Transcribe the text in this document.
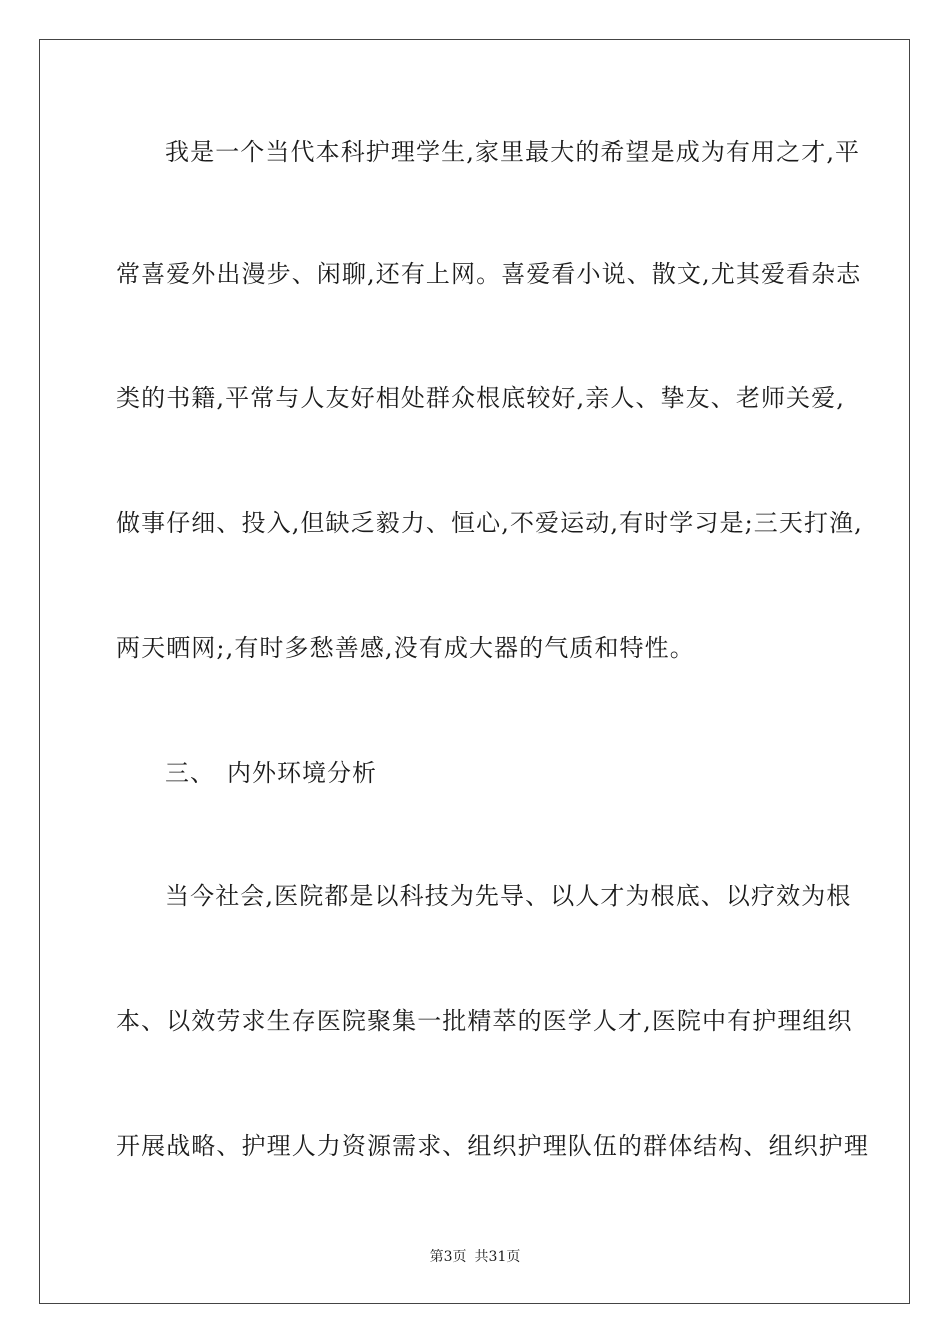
我是一个当代本科护理学生,家里最大的希望是成为有用之才,平
常喜爱外出漫步、闲聊,还有上网。喜爱看小说、散文,尤其爱看杂志
类的书籍,平常与人友好相处群众根底较好,亲人、挚友、老师关爱,
做事仔细、投入,但缺乏毅力、恒心,不爱运动,有时学习是;三天打渔,
两天晒网;,有时多愁善感,没有成大器的气质和特性。
三、 内外环境分析
当今社会,医院都是以科技为先导、以人才为根底、以疗效为根
本、以效劳求生存医院聚集一批精萃的医学人才,医院中有护理组织
开展战略、护理人力资源需求、组织护理队伍的群体结构、组织护理
第3页 共31页
